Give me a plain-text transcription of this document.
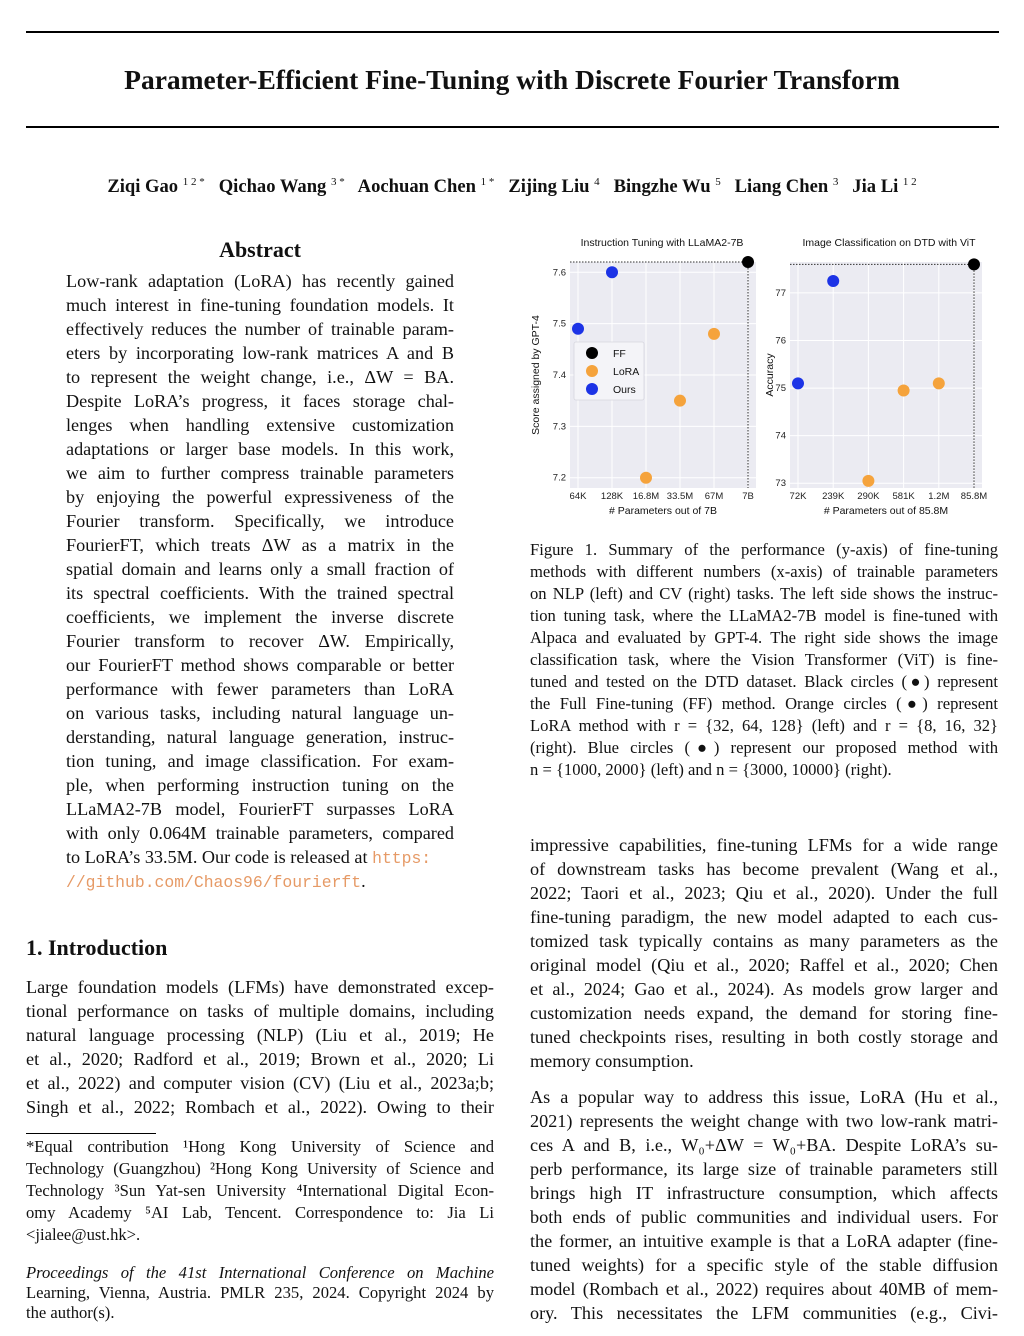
Parameter-Efficient Fine-Tuning with Discrete Fourier Transform
Ziqi Gao $^{1 2 *}$ Qichao Wang $^{3 *}$ Aochuan Chen $^{1 *}$ Zijing Liu $^4$ Bingzhe Wu $^5$ Liang Chen $^3$ Jia Li $^{1 2}$
Abstract
Low-rank adaptation (LoRA) has recently gained
much interest in fine-tuning foundation models. It
effectively reduces the number of trainable param-
eters by incorporating low-rank matrices A and B
to represent the weight change, i.e., ΔW = BA.
Despite LoRA’s progress, it faces storage chal-
lenges when handling extensive customization
adaptations or larger base models. In this work,
we aim to further compress trainable parameters
by enjoying the powerful expressiveness of the
Fourier transform. Specifically, we introduce
FourierFT, which treats ΔW as a matrix in the
spatial domain and learns only a small fraction of
its spectral coefficients. With the trained spectral
coefficients, we implement the inverse discrete
Fourier transform to recover ΔW. Empirically,
our FourierFT method shows comparable or better
performance with fewer parameters than LoRA
on various tasks, including natural language un-
derstanding, natural language generation, instruc-
tion tuning, and image classification. For exam-
ple, when performing instruction tuning on the
LLaMA2-7B model, FourierFT surpasses LoRA
with only 0.064M trainable parameters, compared
to LoRA’s 33.5M. Our code is released at https:
//github.com/Chaos96/fourierft.
1. Introduction
Large foundation models (LFMs) have demonstrated excep-
tional performance on tasks of multiple domains, including
natural language processing (NLP) (Liu et al., 2019; He
et al., 2020; Radford et al., 2019; Brown et al., 2020; Li
et al., 2022) and computer vision (CV) (Liu et al., 2023a;b;
Singh et al., 2022; Rombach et al., 2022). Owing to their
*Equal contribution ¹Hong Kong University of Science and
Technology (Guangzhou) ²Hong Kong University of Science and
Technology ³Sun Yat-sen University ⁴International Digital Econ-
omy Academy ⁵AI Lab, Tencent. Correspondence to: Jia Li
<jialee@ust.hk>.
Proceedings of the 41st International Conference on Machine
Learning, Vienna, Austria. PMLR 235, 2024. Copyright 2024 by
the author(s).
64K 128K 16.8M 33.5M 67M 7B
7.2
7.3
7.4
7.5
7.6
Instruction Tuning with LLaMA2-7B
# Parameters out of 7B
Score assigned by GPT-4	FF
LoRA
Ours
72K 239K 290K 581K 1.2M 85.8M
73
74
75
76
77
Image Classification on DTD with ViT
# Parameters out of 85.8M
Accuracy
Figure 1. Summary of the performance (y-axis) of fine-tuning
methods with different numbers (x-axis) of trainable parameters
on NLP (left) and CV (right) tasks. The left side shows the instruc-
tion tuning task, where the LLaMA2-7B model is fine-tuned with
Alpaca and evaluated by GPT-4. The right side shows the image
classification task, where the Vision Transformer (ViT) is fine-
tuned and tested on the DTD dataset. Black circles (●) represent
the Full Fine-tuning (FF) method. Orange circles (●) represent
LoRA method with r = {32, 64, 128} (left) and r = {8, 16, 32}
(right). Blue circles (●) represent our proposed method with
n = {1000, 2000} (left) and n = {3000, 10000} (right).
impressive capabilities, fine-tuning LFMs for a wide range
of downstream tasks has become prevalent (Wang et al.,
2022; Taori et al., 2023; Qiu et al., 2020). Under the full
fine-tuning paradigm, the new model adapted to each cus-
tomized task typically contains as many parameters as the
original model (Qiu et al., 2020; Raffel et al., 2020; Chen
et al., 2024; Gao et al., 2024). As models grow larger and
customization needs expand, the demand for storing fine-
tuned checkpoints rises, resulting in both costly storage and
memory consumption.
As a popular way to address this issue, LoRA (Hu et al.,
2021) represents the weight change with two low-rank matri-
ces A and B, i.e., W₀+ΔW = W₀+BA. Despite LoRA’s su-
perb performance, its large size of trainable parameters still
brings high IT infrastructure consumption, which affects
both ends of public communities and individual users. For
the former, an intuitive example is that a LoRA adapter (fine-
tuned weights) for a specific style of the stable diffusion
model (Rombach et al., 2022) requires about 40MB of mem-
ory. This necessitates the LFM communities (e.g., Civi-
